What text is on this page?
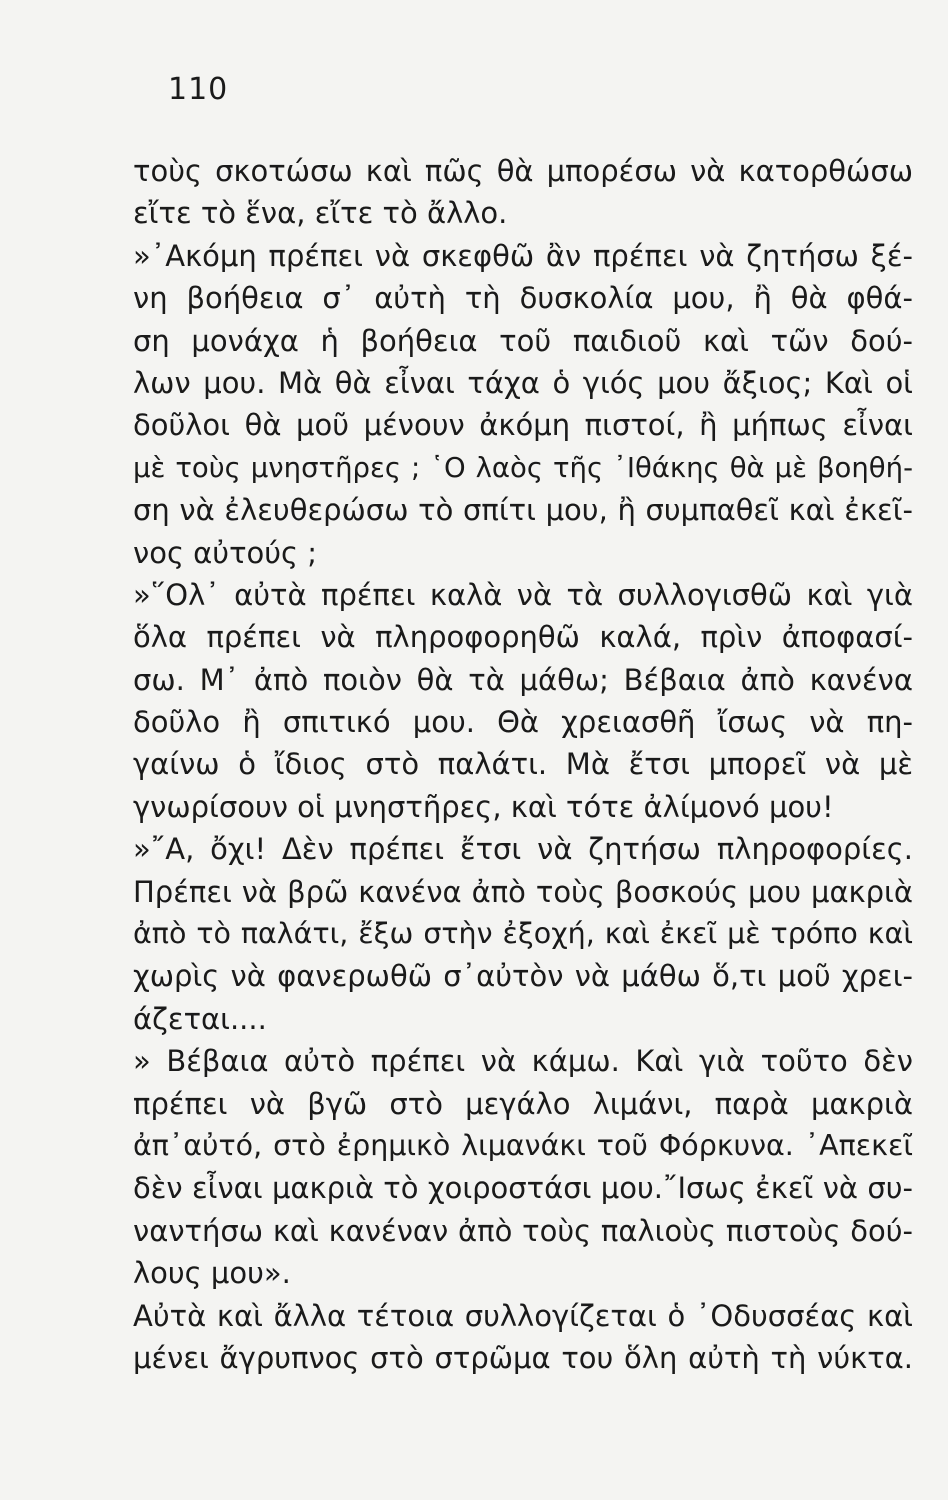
110
τοὺς σκοτώσω καὶ πῶς θὰ μπορέσω νὰ κατορθώσω
εἴτε τὸ ἕνα, εἴτε τὸ ἄλλο.
»᾿Ακόμη πρέπει νὰ σκεφθῶ ἂν πρέπει νὰ ζητήσω ξέ-
νη βοήθεια σ᾿ αὐτὴ τὴ δυσκολία μου, ἢ θὰ φθά-
ση μονάχα ἡ βοήθεια τοῦ παιδιοῦ καὶ τῶν δού-
λων μου. Μὰ θὰ εἶναι τάχα ὁ γιός μου ἄξιος; Καὶ οἱ
δοῦλοι θὰ μοῦ μένουν ἀκόμη πιστοί, ἢ μήπως εἶναι
μὲ τοὺς μνηστῆρες ; ῾Ο λαὸς τῆς ᾿Ιθάκης θὰ μὲ βοηθή-
ση νὰ ἐλευθερώσω τὸ σπίτι μου, ἢ συμπαθεῖ καὶ ἐκεῖ-
νος αὐτούς ;
»῞Ολ᾿ αὐτὰ πρέπει καλὰ νὰ τὰ συλλογισθῶ καὶ γιὰ
ὅλα πρέπει νὰ πληροφορηθῶ καλά, πρὶν ἀποφασί-
σω. Μ᾿ ἀπὸ ποιὸν θὰ τὰ μάθω; Βέβαια ἀπὸ κανένα
δοῦλο ἢ σπιτικό μου. Θὰ χρειασθῆ ἴσως νὰ πη-
γαίνω ὁ ἴδιος στὸ παλάτι. Μὰ ἔτσι μπορεῖ νὰ μὲ
γνωρίσουν οἱ μνηστῆρες, καὶ τότε ἀλίμονό μου!
»῎Α, ὄχι! Δὲν πρέπει ἔτσι νὰ ζητήσω πληροφορίες.
Πρέπει νὰ βρῶ κανένα ἀπὸ τοὺς βοσκούς μου μακριὰ
ἀπὸ τὸ παλάτι, ἔξω στὴν ἐξοχή, καὶ ἐκεῖ μὲ τρόπο καὶ
χωρὶς νὰ φανερωθῶ σ᾿αὐτὸν νὰ μάθω ὅ,τι μοῦ χρει-
άζεται....
» Βέβαια αὐτὸ πρέπει νὰ κάμω. Καὶ γιὰ τοῦτο δὲν
πρέπει νὰ βγῶ στὸ μεγάλο λιμάνι, παρὰ μακριὰ
ἀπ᾿αὐτό, στὸ ἐρημικὸ λιμανάκι τοῦ Φόρκυνα. ᾿Απεκεῖ
δὲν εἶναι μακριὰ τὸ χοιροστάσι μου.῎Ισως ἐκεῖ νὰ συ-
ναντήσω καὶ κανέναν ἀπὸ τοὺς παλιοὺς πιστοὺς δού-
λους μου».
Αὐτὰ καὶ ἄλλα τέτοια συλλογίζεται ὁ ᾿Οδυσσέας καὶ
μένει ἄγρυπνος στὸ στρῶμα του ὅλη αὐτὴ τὴ νύκτα.
